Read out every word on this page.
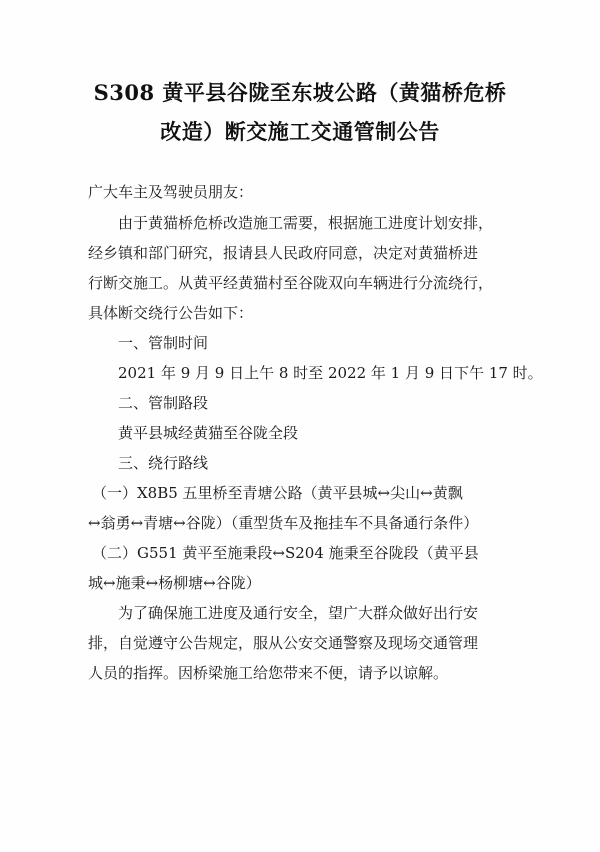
S308 黄平县谷陇至东坡公路（黄猫桥危桥
改造）断交施工交通管制公告
广大车主及驾驶员朋友：
由于黄猫桥危桥改造施工需要，根据施工进度计划安排，
经乡镇和部门研究，报请县人民政府同意，决定对黄猫桥进
行断交施工。从黄平经黄猫村至谷陇双向车辆进行分流绕行，
具体断交绕行公告如下：
一、管制时间
2021 年 9 月 9 日上午 8 时至 2022 年 1 月 9 日下午 17 时。
二、管制路段
黄平县城经黄猫至谷陇全段
三、绕行路线
（一）X8B5 五里桥至青塘公路（黄平县城↔尖山↔黄飘
↔翁勇↔青塘↔谷陇）（重型货车及拖挂车不具备通行条件）
（二）G551 黄平至施秉段↔S204 施秉至谷陇段（黄平县
城↔施秉↔杨柳塘↔谷陇）
为了确保施工进度及通行安全，望广大群众做好出行安
排，自觉遵守公告规定，服从公安交通警察及现场交通管理
人员的指挥。因桥梁施工给您带来不便，请予以谅解。
